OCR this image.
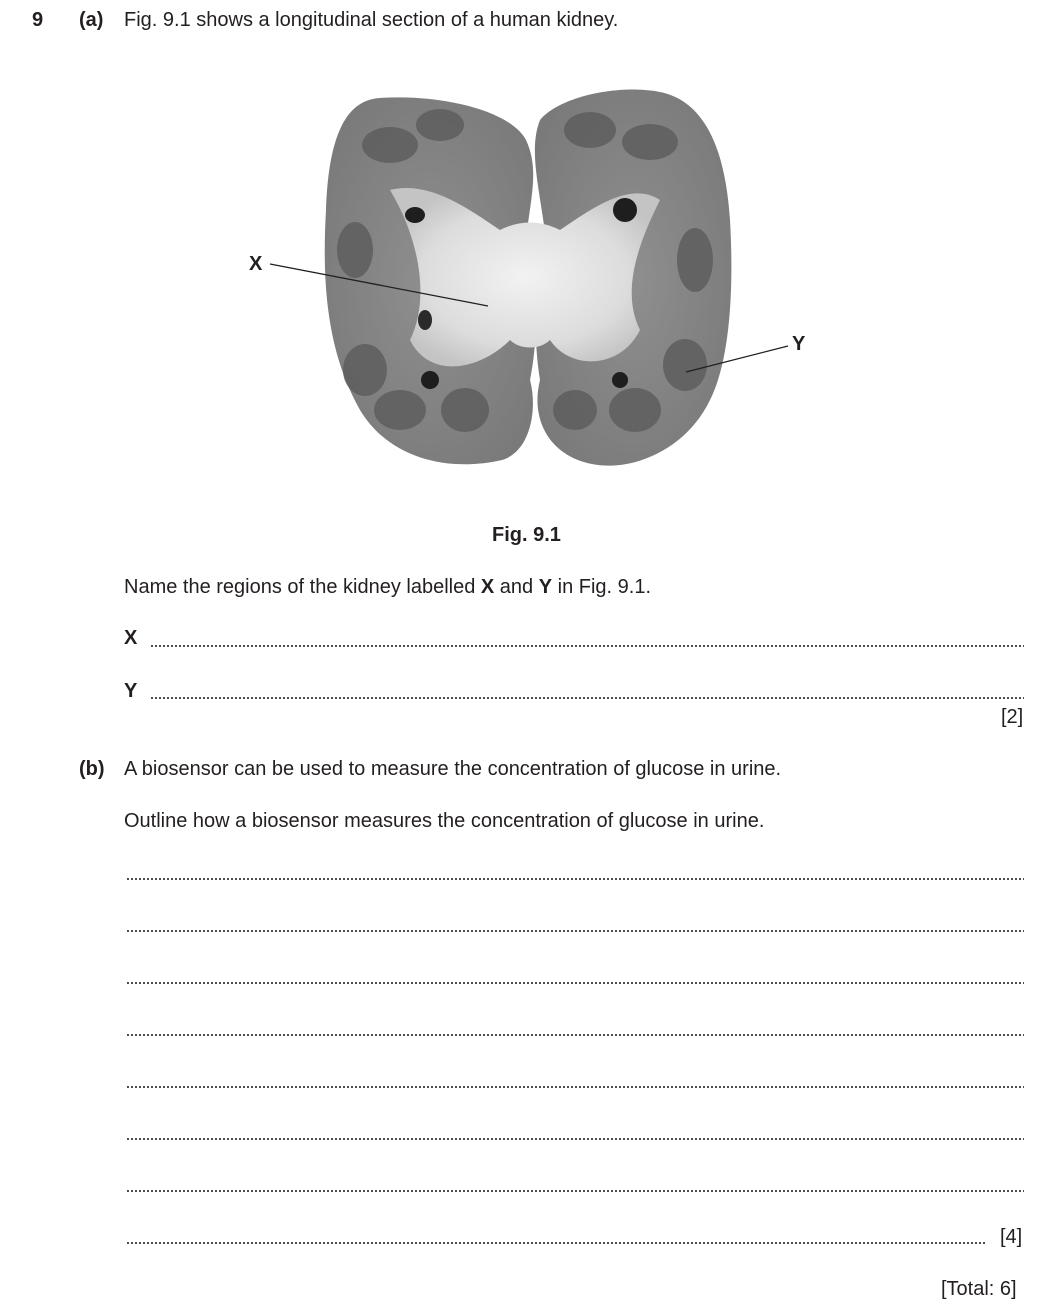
9 (a) Fig. 9.1 shows a longitudinal section of a human kidney.
X
Y
Fig. 9.1
Name the regions of the kidney labelled X and Y in Fig. 9.1.
X
Y
[2]
(b) A biosensor can be used to measure the concentration of glucose in urine.
Outline how a biosensor measures the concentration of glucose in urine.
[4]
[Total: 6]
